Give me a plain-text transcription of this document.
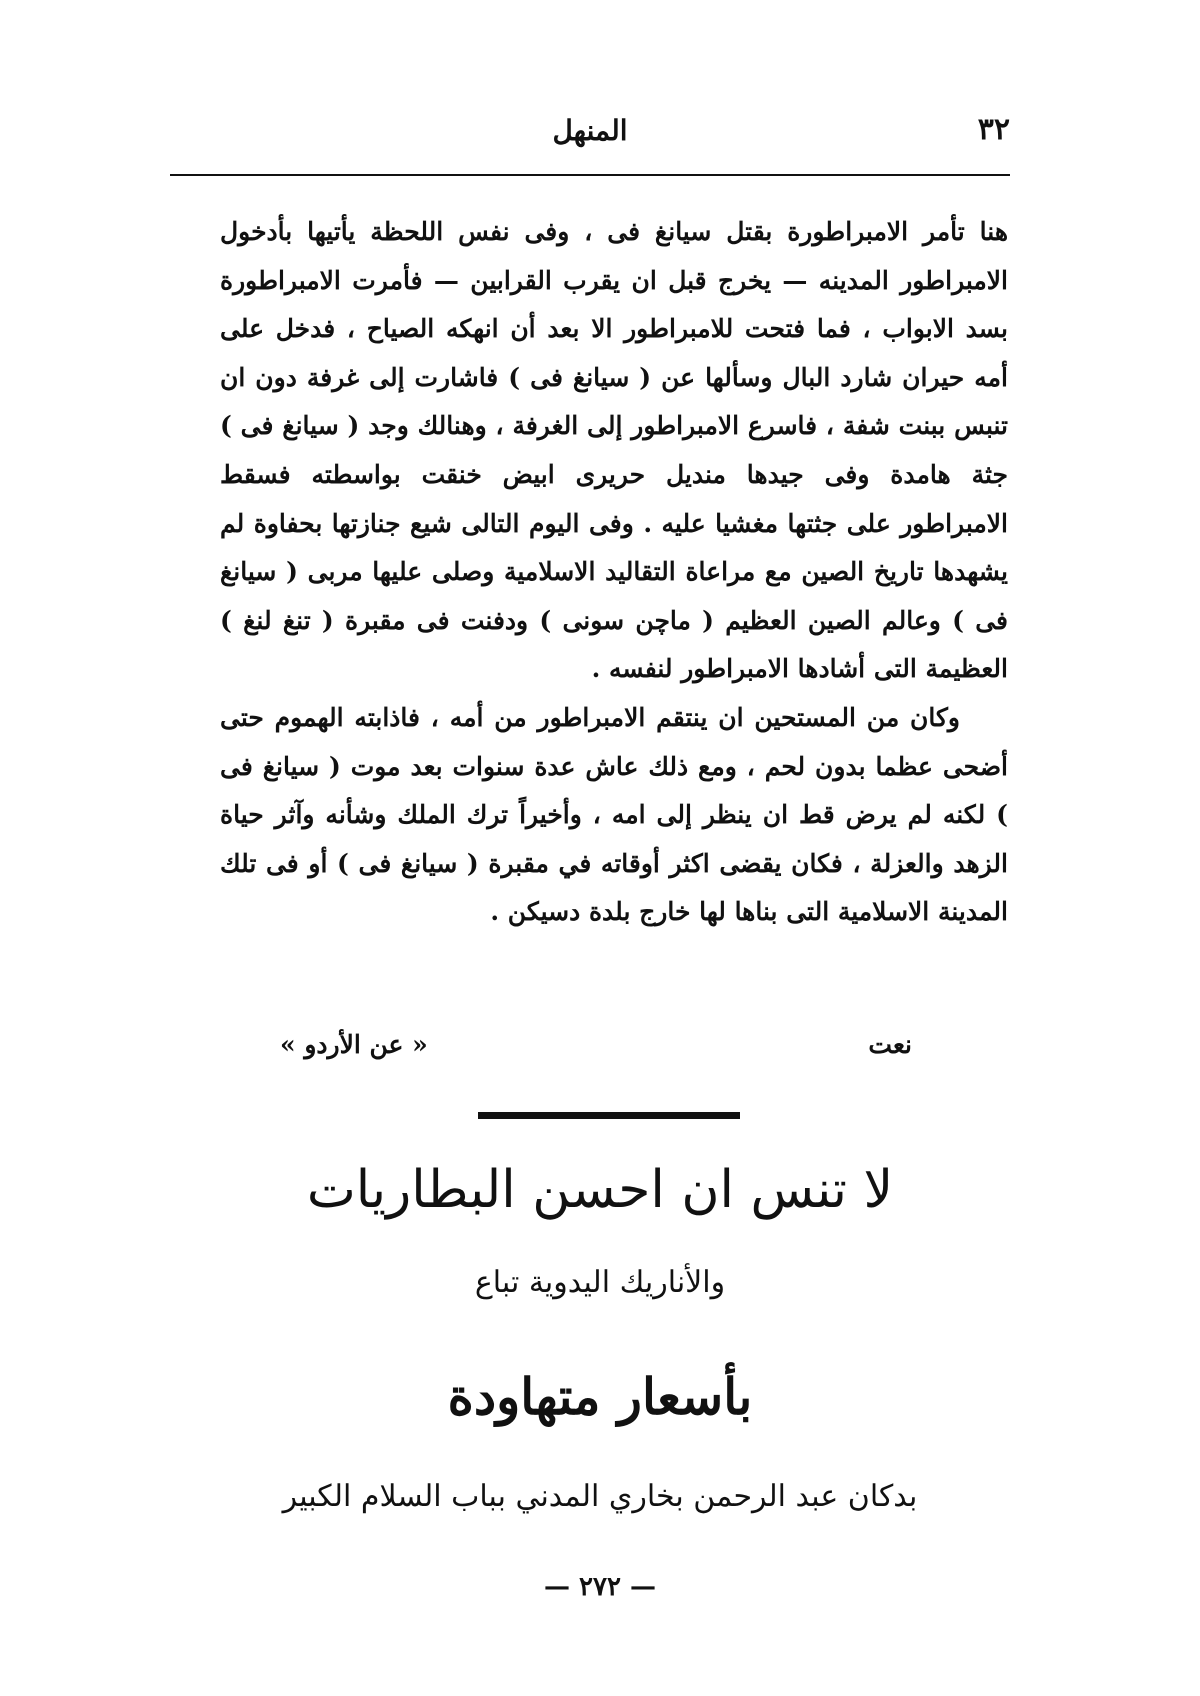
٣٢
المنهل

هنا تأمر الامبراطورة بقتل سيانغ فى ، وفى نفس اللحظة يأتيها بأدخول الامبراطور المدينه — يخرج قبل ان يقرب القرابين — فأمرت الامبراطورة بسد الابواب ، فما فتحت للامبراطور الا بعد أن انهكه الصياح ، فدخل على أمه حيران شارد البال وسألها عن ( سيانغ فى ) فاشارت إلى غرفة دون ان تنبس ببنت شفة ، فاسرع الامبراطور إلى الغرفة ، وهنالك وجد ( سيانغ فى ) جثة هامدة وفى جيدها منديل حريرى ابيض خنقت بواسطته فسقط الامبراطور على جثتها مغشيا عليه . وفى اليوم التالى شيع جنازتها بحفاوة لم يشهدها تاريخ الصين مع مراعاة التقاليد الاسلامية وصلى عليها مربى ( سيانغ فى ) وعالم الصين العظيم ( ماچن سونى ) ودفنت فى مقبرة ( تنغ لنغ ) العظيمة التى أشادها الامبراطور لنفسه .

وكان من المستحين ان ينتقم الامبراطور من أمه ، فاذابته الهموم حتى أضحى عظما بدون لحم ، ومع ذلك عاش عدة سنوات بعد موت ( سيانغ فى ) لكنه لم يرض قط ان ينظر إلى امه ، وأخيراً ترك الملك وشأنه وآثر حياة الزهد والعزلة ، فكان يقضى اكثر أوقاته في مقبرة ( سيانغ فى ) أو فى تلك المدينة الاسلامية التى بناها لها خارج بلدة دسيكن .

نعت
« عن الأردو »
لا تنس ان احسن البطاريات
والأناريك اليدوية تباع
بأسعار متهاودة
بدكان عبد الرحمن بخاري المدني بباب السلام الكبير
— ٢٧٢ —
